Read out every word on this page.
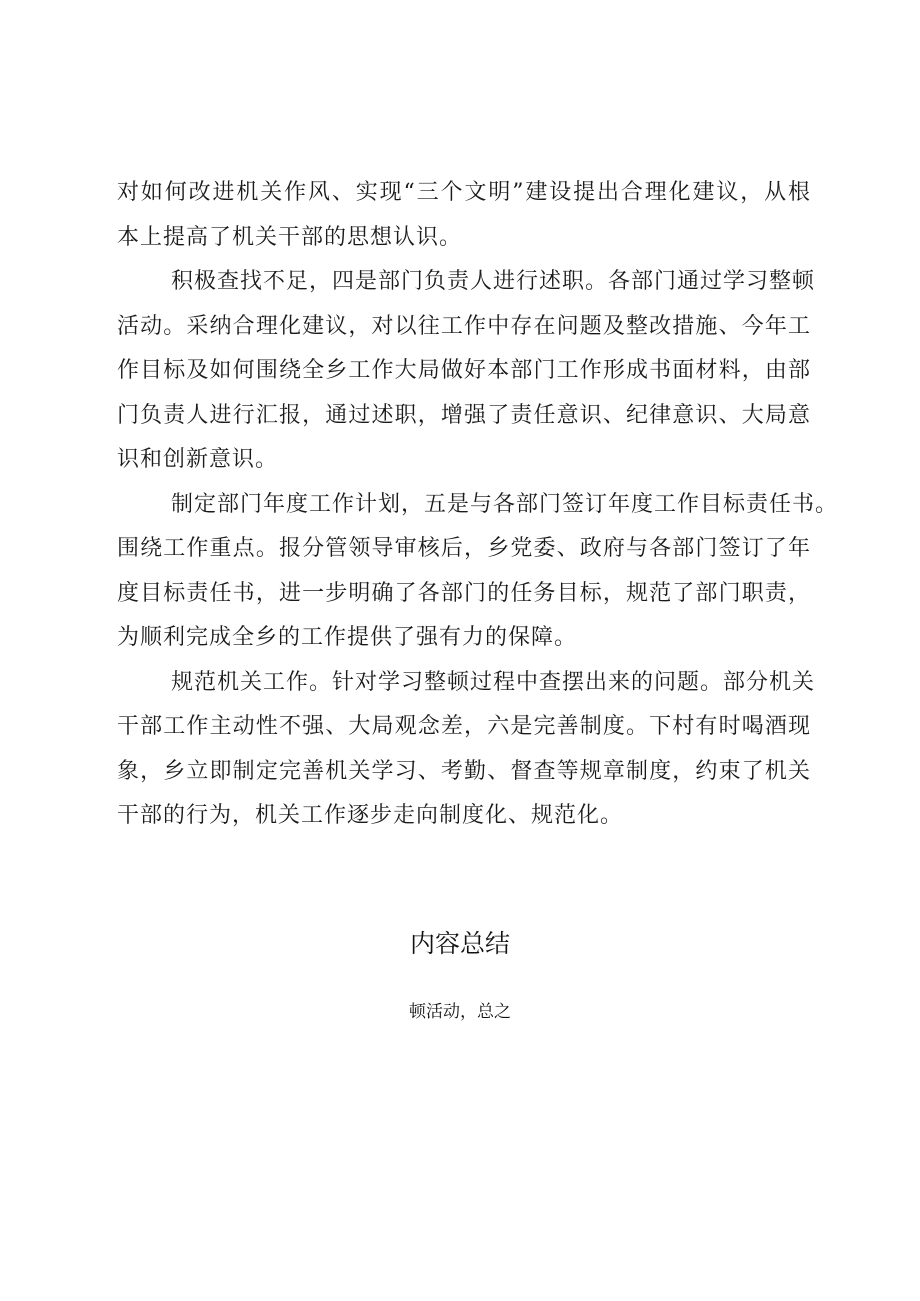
对如何改进机关作风、实现“三个文明”建设提出合理化建议，从根
本上提高了机关干部的思想认识。
积极查找不足，四是部门负责人进行述职。各部门通过学习整顿
活动。采纳合理化建议，对以往工作中存在问题及整改措施、今年工
作目标及如何围绕全乡工作大局做好本部门工作形成书面材料，由部
门负责人进行汇报，通过述职，增强了责任意识、纪律意识、大局意
识和创新意识。
制定部门年度工作计划，五是与各部门签订年度工作目标责任书。
围绕工作重点。报分管领导审核后，乡党委、政府与各部门签订了年
度目标责任书，进一步明确了各部门的任务目标，规范了部门职责，
为顺利完成全乡的工作提供了强有力的保障。
规范机关工作。针对学习整顿过程中查摆出来的问题。部分机关
干部工作主动性不强、大局观念差，六是完善制度。下村有时喝酒现
象，乡立即制定完善机关学习、考勤、督查等规章制度，约束了机关
干部的行为，机关工作逐步走向制度化、规范化。
内容总结
顿活动，总之
